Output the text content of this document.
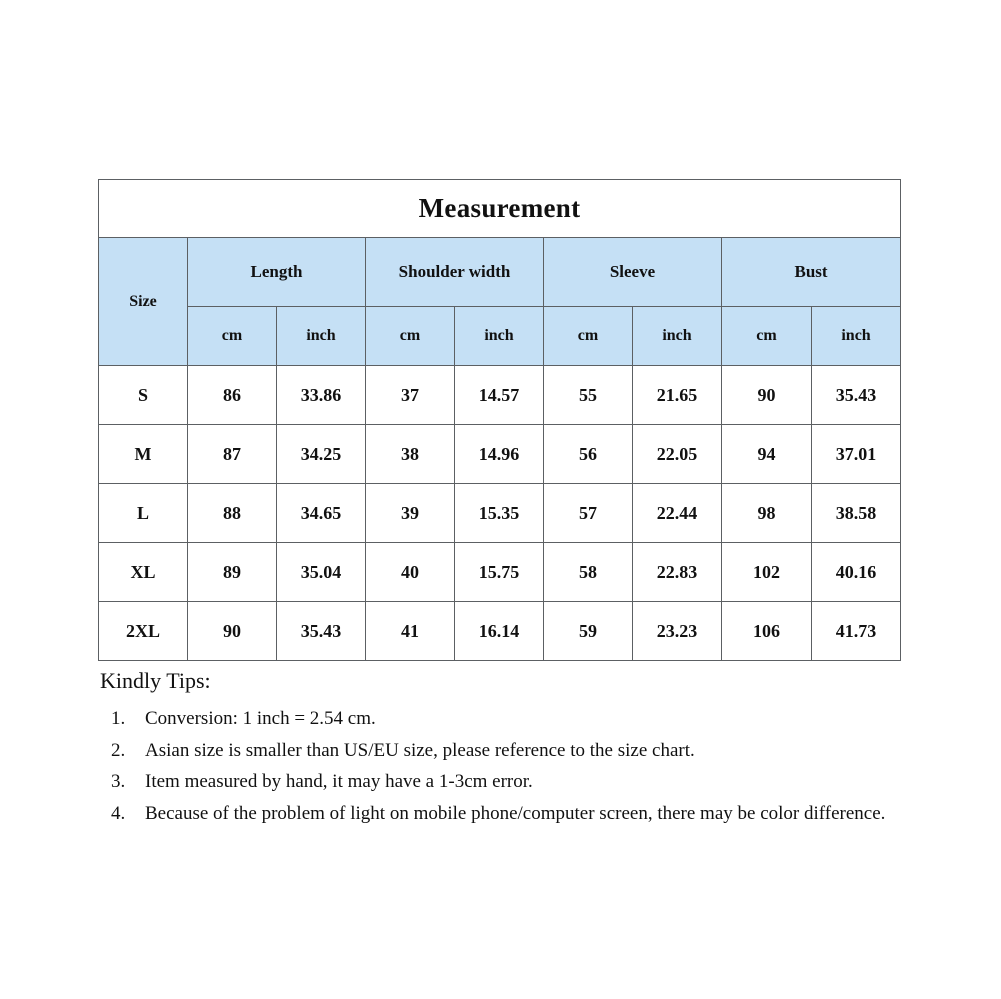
Measurement								
Size	Length		Shoulder width		Sleeve		Bust	
	cm	inch	cm	inch	cm	inch	cm	inch
S	86	33.86	37	14.57	55	21.65	90	35.43
M	87	34.25	38	14.96	56	22.05	94	37.01
L	88	34.65	39	15.35	57	22.44	98	38.58
XL	89	35.04	40	15.75	58	22.83	102	40.16
2XL	90	35.43	41	16.14	59	23.23	106	41.73
Kindly Tips:
1.	Conversion: 1 inch = 2.54 cm.
2.	Asian size is smaller than US/EU size, please reference to the size chart.
3.	Item measured by hand, it may have a 1-3cm error.
4.	Because of the problem of light on mobile phone/computer screen, there may be color difference.
